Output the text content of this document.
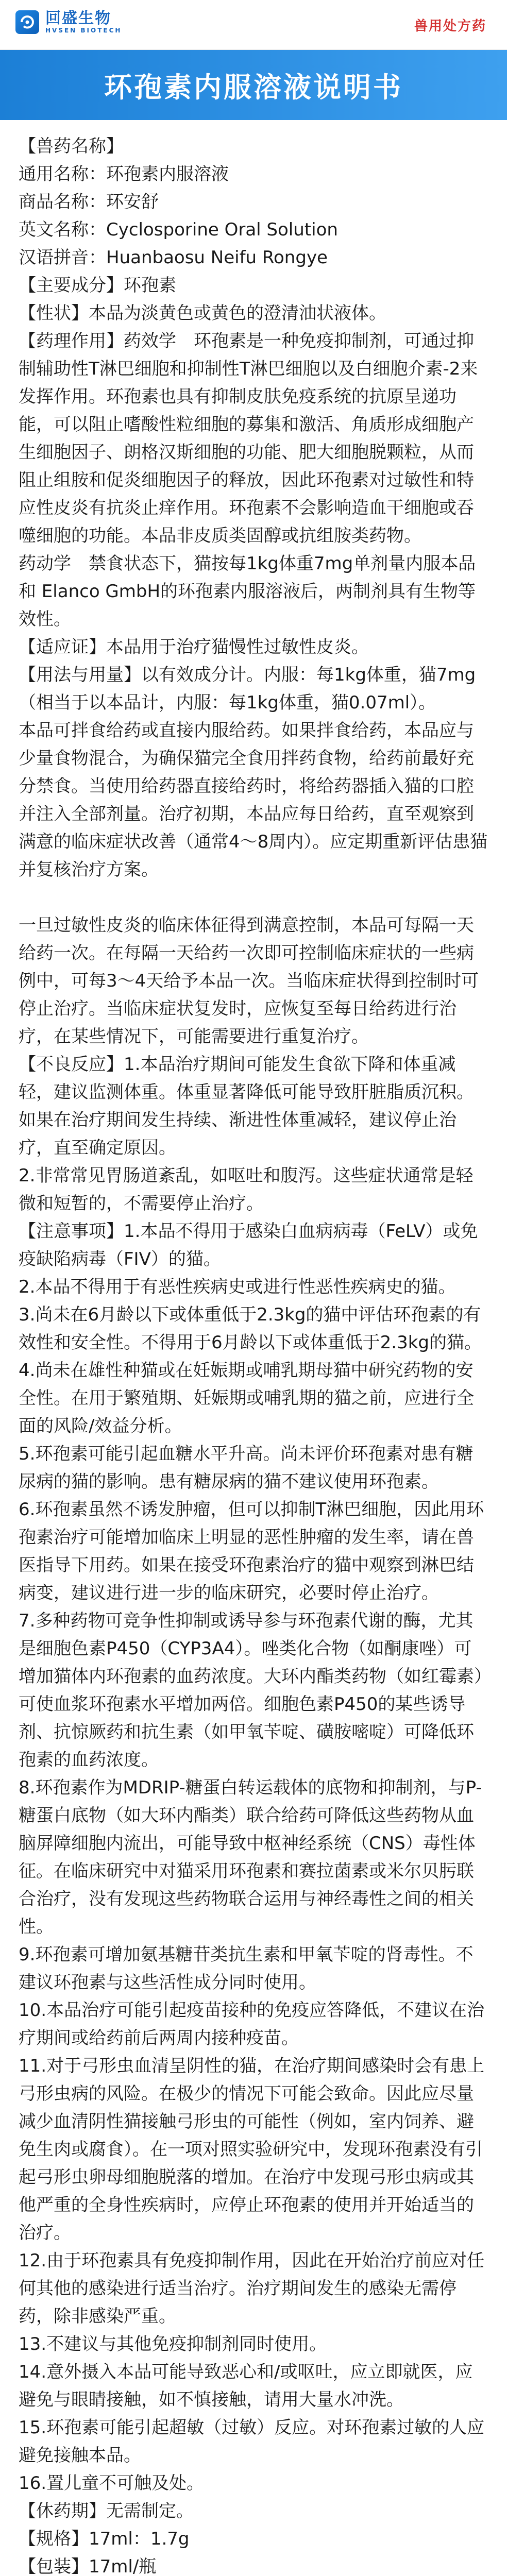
回盛生物
HVSEN BIOTECH	兽用处方药
环孢素内服溶液说明书

【兽药名称】

通用名称：环孢素内服溶液

商品名称：环安舒

英文名称：Cyclosporine Oral Solution

汉语拼音：Huanbaosu Neifu Rongye

【主要成分】环孢素

【性状】本品为淡黄色或黄色的澄清油状液体。

【药理作用】药效学　环孢素是一种免疫抑制剂，可通过抑制辅助性T淋巴细胞和抑制性T淋巴细胞以及白细胞介素-2来发挥作用。环孢素也具有抑制皮肤免疫系统的抗原呈递功能，可以阻止嗜酸性粒细胞的募集和激活、角质形成细胞产生细胞因子、朗格汉斯细胞的功能、肥大细胞脱颗粒，从而阻止组胺和促炎细胞因子的释放，因此环孢素对过敏性和特应性皮炎有抗炎止痒作用。环孢素不会影响造血干细胞或吞噬细胞的功能。本品非皮质类固醇或抗组胺类药物。

药动学　禁食状态下，猫按每1kg体重7mg单剂量内服本品和 Elanco GmbH的环孢素内服溶液后，两制剂具有生物等效性。

【适应证】本品用于治疗猫慢性过敏性皮炎。

【用法与用量】以有效成分计。内服：每1kg体重，猫7mg（相当于以本品计，内服：每1kg体重，猫0.07ml）。

本品可拌食给药或直接内服给药。如果拌食给药，本品应与少量食物混合，为确保猫完全食用拌药食物，给药前最好充分禁食。当使用给药器直接给药时，将给药器插入猫的口腔并注入全部剂量。治疗初期，本品应每日给药，直至观察到满意的临床症状改善（通常4～8周内）。应定期重新评估患猫并复核治疗方案。

一旦过敏性皮炎的临床体征得到满意控制，本品可每隔一天给药一次。在每隔一天给药一次即可控制临床症状的一些病例中，可每3～4天给予本品一次。当临床症状得到控制时可停止治疗。当临床症状复发时，应恢复至每日给药进行治疗，在某些情况下，可能需要进行重复治疗。

【不良反应】1.本品治疗期间可能发生食欲下降和体重减轻，建议监测体重。体重显著降低可能导致肝脏脂质沉积。如果在治疗期间发生持续、渐进性体重减轻，建议停止治疗，直至确定原因。

2.非常常见胃肠道紊乱，如呕吐和腹泻。这些症状通常是轻微和短暂的，不需要停止治疗。

【注意事项】1.本品不得用于感染白血病病毒（FeLV）或免疫缺陷病毒（FIV）的猫。

2.本品不得用于有恶性疾病史或进行性恶性疾病史的猫。

3.尚未在6月龄以下或体重低于2.3kg的猫中评估环孢素的有效性和安全性。不得用于6月龄以下或体重低于2.3kg的猫。

4.尚未在雄性种猫或在妊娠期或哺乳期母猫中研究药物的安全性。在用于繁殖期、妊娠期或哺乳期的猫之前，应进行全面的风险/效益分析。

5.环孢素可能引起血糖水平升高。尚未评价环孢素对患有糖尿病的猫的影响。患有糖尿病的猫不建议使用环孢素。

6.环孢素虽然不诱发肿瘤，但可以抑制T淋巴细胞，因此用环孢素治疗可能增加临床上明显的恶性肿瘤的发生率，请在兽医指导下用药。如果在接受环孢素治疗的猫中观察到淋巴结病变，建议进行进一步的临床研究，必要时停止治疗。

7.多种药物可竞争性抑制或诱导参与环孢素代谢的酶，尤其是细胞色素P450（CYP3A4）。唑类化合物（如酮康唑）可增加猫体内环孢素的血药浓度。大环内酯类药物（如红霉素）可使血浆环孢素水平增加两倍。细胞色素P450的某些诱导剂、抗惊厥药和抗生素（如甲氧苄啶、磺胺嘧啶）可降低环孢素的血药浓度。

8.环孢素作为MDRIP-糖蛋白转运载体的底物和抑制剂，与P-糖蛋白底物（如大环内酯类）联合给药可降低这些药物从血脑屏障细胞内流出，可能导致中枢神经系统（CNS）毒性体征。在临床研究中对猫采用环孢素和赛拉菌素或米尔贝肟联合治疗，没有发现这些药物联合运用与神经毒性之间的相关性。

9.环孢素可增加氨基糖苷类抗生素和甲氧苄啶的肾毒性。不建议环孢素与这些活性成分同时使用。

10.本品治疗可能引起疫苗接种的免疫应答降低，不建议在治疗期间或给药前后两周内接种疫苗。

11.对于弓形虫血清呈阴性的猫，在治疗期间感染时会有患上弓形虫病的风险。在极少的情况下可能会致命。因此应尽量减少血清阴性猫接触弓形虫的可能性（例如，室内饲养、避免生肉或腐食）。在一项对照实验研究中，发现环孢素没有引起弓形虫卵母细胞脱落的增加。在治疗中发现弓形虫病或其他严重的全身性疾病时，应停止环孢素的使用并开始适当的治疗。

12.由于环孢素具有免疫抑制作用，因此在开始治疗前应对任何其他的感染进行适当治疗。治疗期间发生的感染无需停药，除非感染严重。

13.不建议与其他免疫抑制剂同时使用。

14.意外摄入本品可能导致恶心和/或呕吐，应立即就医，应避免与眼睛接触，如不慎接触，请用大量水冲洗。

15.环孢素可能引起超敏（过敏）反应。对环孢素过敏的人应避免接触本品。

16.置儿童不可触及处。

【休药期】无需制定。

【规格】17ml：1.7g

【包装】17ml/瓶
